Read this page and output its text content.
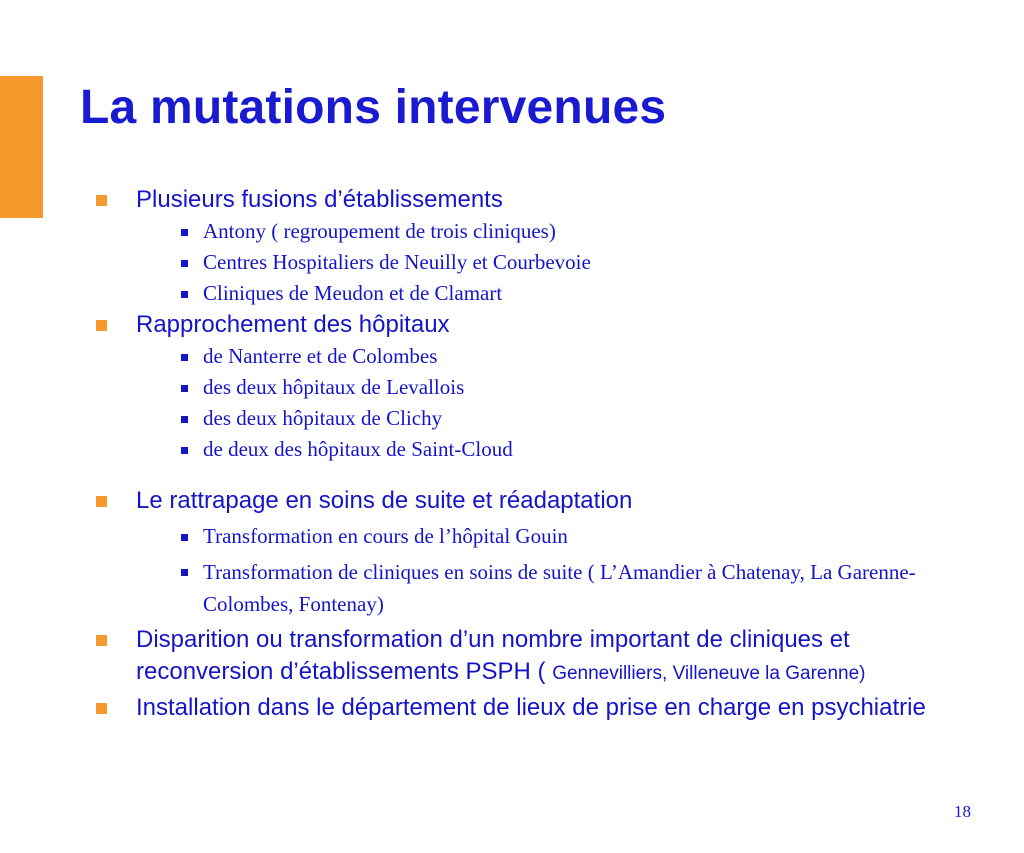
La mutations intervenues
Plusieurs fusions d’établissements
Antony ( regroupement de trois cliniques)
Centres Hospitaliers de Neuilly et Courbevoie
Cliniques de Meudon et de Clamart
Rapprochement des hôpitaux
de Nanterre et de Colombes
des deux hôpitaux de Levallois
des deux hôpitaux de Clichy
de deux des hôpitaux de Saint-Cloud
Le rattrapage en soins de suite et réadaptation
Transformation en cours de l’hôpital Gouin
Transformation de cliniques en soins de suite ( L’Amandier à Chatenay, La Garenne-Colombes, Fontenay)
Disparition ou transformation d’un nombre important de cliniques et reconversion d’établissements PSPH ( Gennevilliers, Villeneuve la Garenne)
Installation dans le département de lieux de prise en charge en psychiatrie
18
